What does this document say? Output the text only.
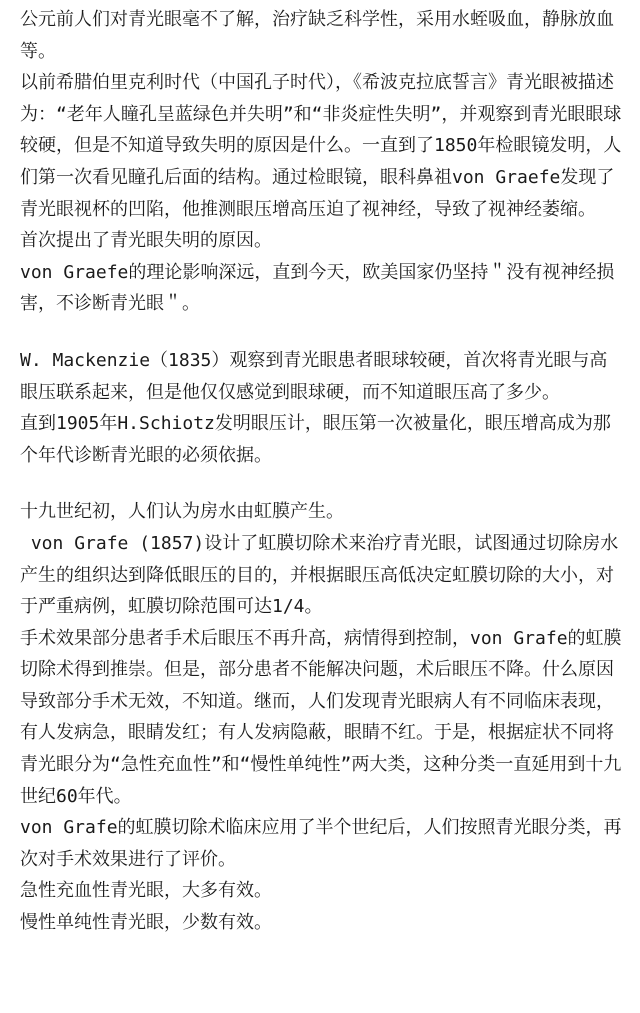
公元前人们对青光眼毫不了解，治疗缺乏科学性，采用水蛭吸血，静脉放血等。

以前希腊伯里克利时代（中国孔子时代），《希波克拉底誓言》青光眼被描述为：“老年人瞳孔呈蓝绿色并失明”和“非炎症性失明”，并观察到青光眼眼球较硬，但是不知道导致失明的原因是什么。一直到了1850年检眼镜发明，人们第一次看见瞳孔后面的结构。通过检眼镜，眼科鼻祖von Graefe发现了青光眼视杯的凹陷，他推测眼压增高压迫了视神经，导致了视神经萎缩。

首次提出了青光眼失明的原因。

von Graefe的理论影响深远，直到今天，欧美国家仍坚持＂没有视神经损害，不诊断青光眼＂。

W. Mackenzie（1835）观察到青光眼患者眼球较硬，首次将青光眼与高眼压联系起来，但是他仅仅感觉到眼球硬，而不知道眼压高了多少。

直到1905年H.Schiotz发明眼压计，眼压第一次被量化，眼压增高成为那个年代诊断青光眼的必须依据。

十九世纪初，人们认为房水由虹膜产生。

von Grafe (1857)设计了虹膜切除术来治疗青光眼，试图通过切除房水产生的组织达到降低眼压的目的，并根据眼压高低决定虹膜切除的大小，对于严重病例，虹膜切除范围可达1/4。

手术效果部分患者手术后眼压不再升高，病情得到控制，von Grafe的虹膜切除术得到推崇。但是，部分患者不能解决问题，术后眼压不降。什么原因导致部分手术无效，不知道。继而，人们发现青光眼病人有不同临床表现，有人发病急，眼睛发红；有人发病隐蔽，眼睛不红。于是，根据症状不同将青光眼分为“急性充血性”和“慢性单纯性”两大类，这种分类一直延用到十九世纪60年代。

von Grafe的虹膜切除术临床应用了半个世纪后，人们按照青光眼分类，再次对手术效果进行了评价。

急性充血性青光眼，大多有效。

慢性单纯性青光眼，少数有效。
